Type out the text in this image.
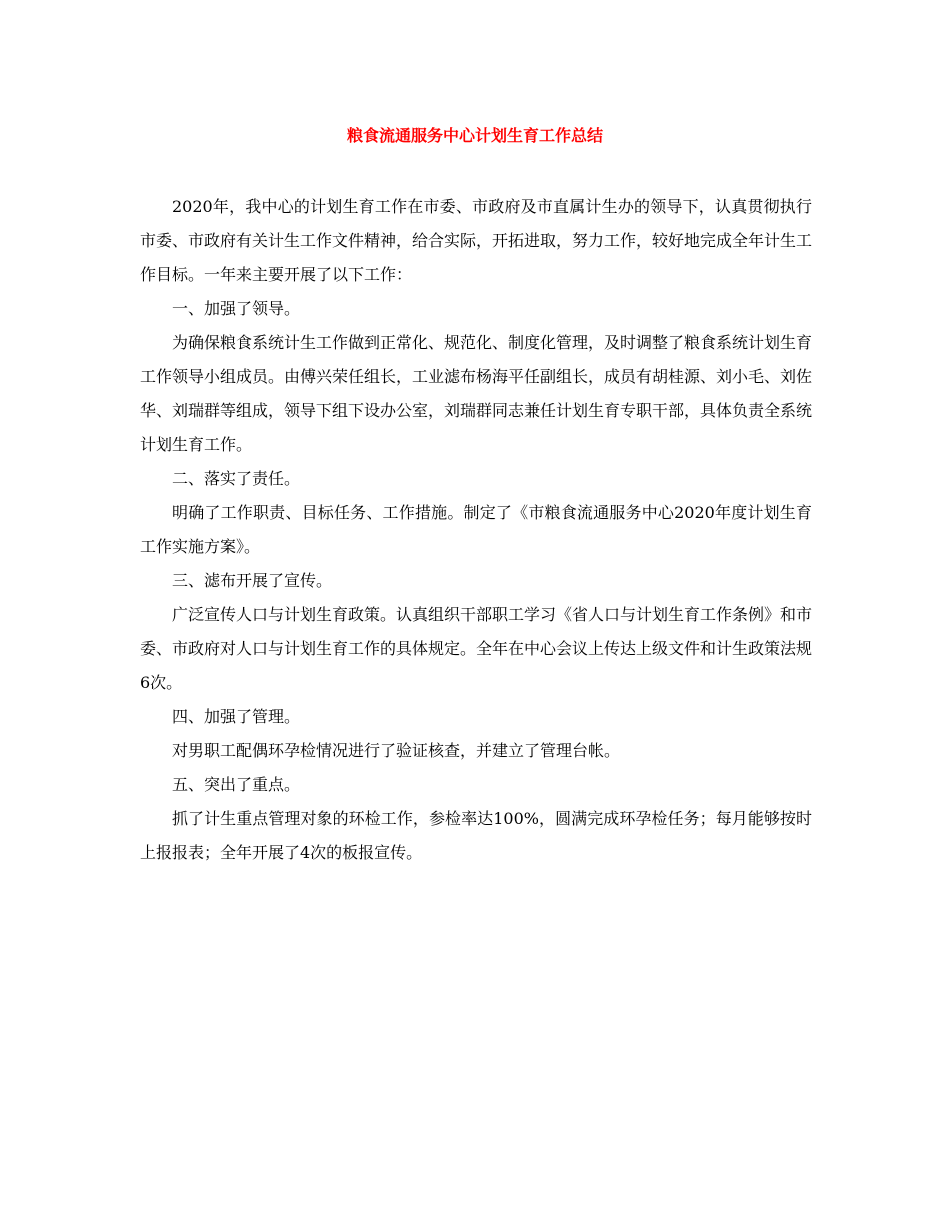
粮食流通服务中心计划生育工作总结

2020年，我中心的计划生育工作在市委、市政府及市直属计生办的领导下，认真贯彻执行市委、市政府有关计生工作文件精神，给合实际，开拓进取，努力工作，较好地完成全年计生工作目标。一年来主要开展了以下工作：

一、加强了领导。

为确保粮食系统计生工作做到正常化、规范化、制度化管理，及时调整了粮食系统计划生育工作领导小组成员。由傅兴荣任组长，工业滤布杨海平任副组长，成员有胡桂源、刘小毛、刘佐华、刘瑞群等组成，领导下组下设办公室，刘瑞群同志兼任计划生育专职干部，具体负责全系统计划生育工作。

二、落实了责任。

明确了工作职责、目标任务、工作措施。制定了《市粮食流通服务中心2020年度计划生育工作实施方案》。

三、滤布开展了宣传。

广泛宣传人口与计划生育政策。认真组织干部职工学习《省人口与计划生育工作条例》和市委、市政府对人口与计划生育工作的具体规定。全年在中心会议上传达上级文件和计生政策法规6次。

四、加强了管理。

对男职工配偶环孕检情况进行了验证核查，并建立了管理台帐。

五、突出了重点。

抓了计生重点管理对象的环检工作，参检率达100%，圆满完成环孕检任务；每月能够按时上报报表；全年开展了4次的板报宣传。
